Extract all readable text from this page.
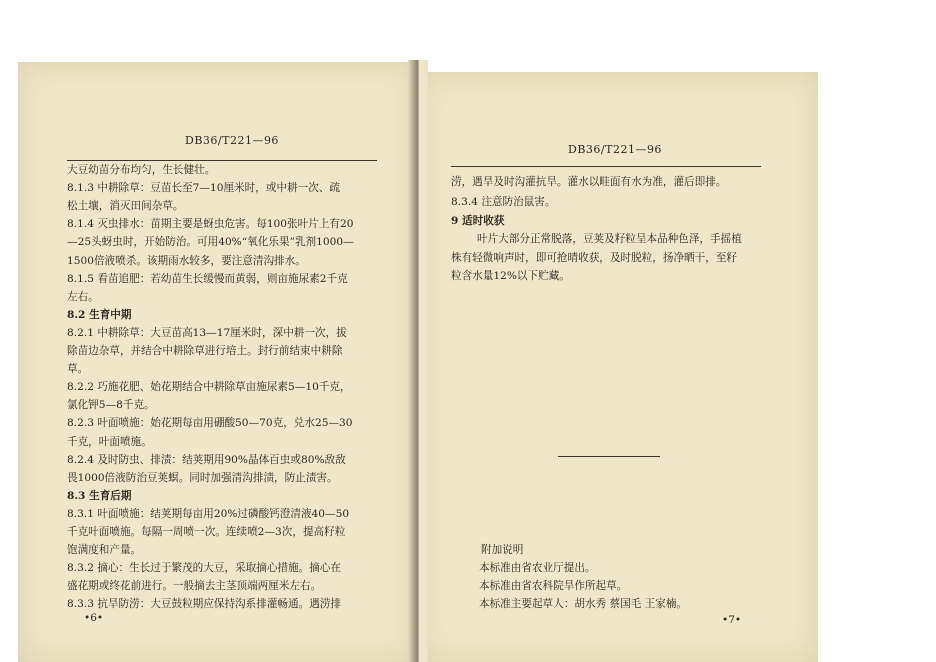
DB36/T221—96
大豆幼苗分布均匀，生长健壮。
8.1.3 中耕除草：豆苗长至7—10厘米时，或中耕一次、疏
松土壤，消灭田间杂草。
8.1.4 灭虫排水：苗期主要是蚜虫危害。每100张叶片上有20
—25头蚜虫时，开始防治。可用40%“氧化乐果”乳剂1000—
1500倍液喷杀。该期雨水较多，要注意清沟排水。
8.1.5 看苗追肥：若幼苗生长缓慢而黄弱，则亩施尿素2千克
左右。
8.2 生育中期
8.2.1 中耕除草：大豆苗高13—17厘米时，深中耕一次，拔
除苗边杂草，并结合中耕除草进行培土。封行前结束中耕除
草。
8.2.2 巧施花肥、始花期结合中耕除草亩施尿素5—10千克，
氯化钾5—8千克。
8.2.3 叶面喷施：始花期每亩用硼酸50—70克，兑水25—30
千克，叶面喷施。
8.2.4 及时防虫、排渍：结荚期用90%晶体百虫或80%敌敌
畏1000倍液防治豆荚螟。同时加强清沟排渍，防止渍害。
8.3 生育后期
8.3.1 叶面喷施：结荚期每亩用20%过磷酸钙澄清液40—50
千克叶面喷施。每隔一周喷一次。连续喷2—3次，提高籽粒
饱满度和产量。
8.3.2 摘心：生长过于繁茂的大豆，采取摘心措施。摘心在
盛花期或终花前进行。一般摘去主茎顶端两厘米左右。
8.3.3 抗旱防涝：大豆鼓粒期应保持沟系排灌畅通。遇涝排
•6•
DB36/T221—96
涝，遇旱及时沟灌抗旱。灌水以畦面有水为准，灌后即排。
8.3.4 注意防治鼠害。
9 适时收获
叶片大部分正常脱落，豆荚及籽粒呈本品种色泽，手摇植
株有轻微响声时，即可抢晴收获，及时脱粒，扬净晒干，至籽
粒含水量12%以下贮藏。
附加说明
本标准由省农业厅提出。
本标准由省农科院旱作所起草。
本标准主要起草人：胡水秀 蔡国毛 王家楠。
•7•
